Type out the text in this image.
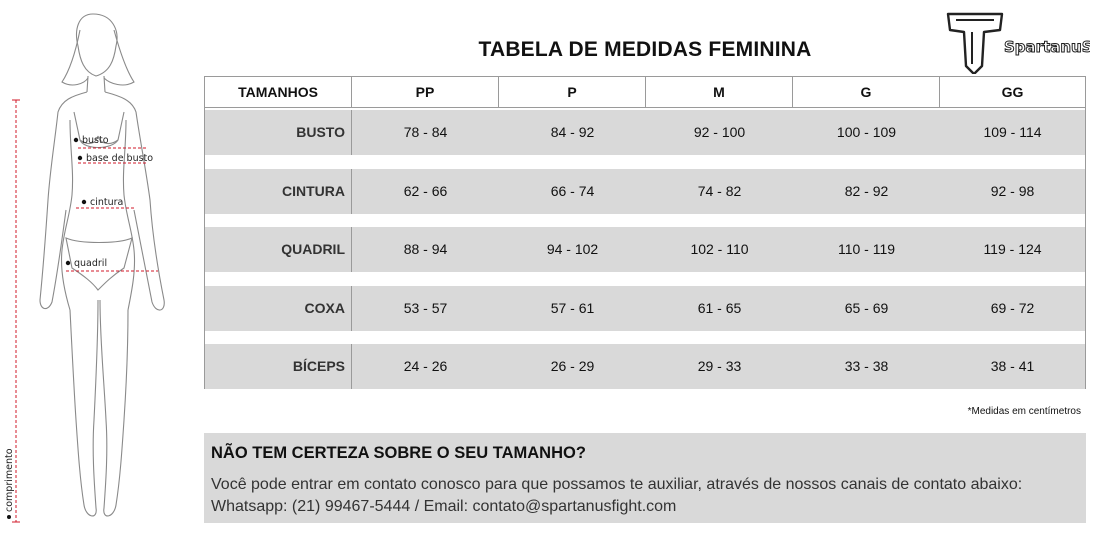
busto
base de busto
cintura
quadril
comprimento
SpartanuS
TABELA DE MEDIDAS FEMININA
TAMANHOS	PP	P	M	G	GG
BUSTO	78 - 84	84 - 92	92 - 100	100 - 109	109 - 114
CINTURA	62 - 66	66 - 74	74 - 82	82 - 92	92 - 98
QUADRIL	88 - 94	94 - 102	102 - 110	110 - 119	119 - 124
COXA	53 - 57	57 - 61	61 - 65	65 - 69	69 - 72
BÍCEPS	24 - 26	26 - 29	29 - 33	33 - 38	38 - 41
*Medidas em centímetros
NÃO TEM CERTEZA SOBRE O SEU TAMANHO?

Você pode entrar em contato conosco para que possamos te auxiliar, através de nossos canais de contato abaixo:

Whatsapp: (21) 99467-5444 / Email: contato@spartanusfight.com
